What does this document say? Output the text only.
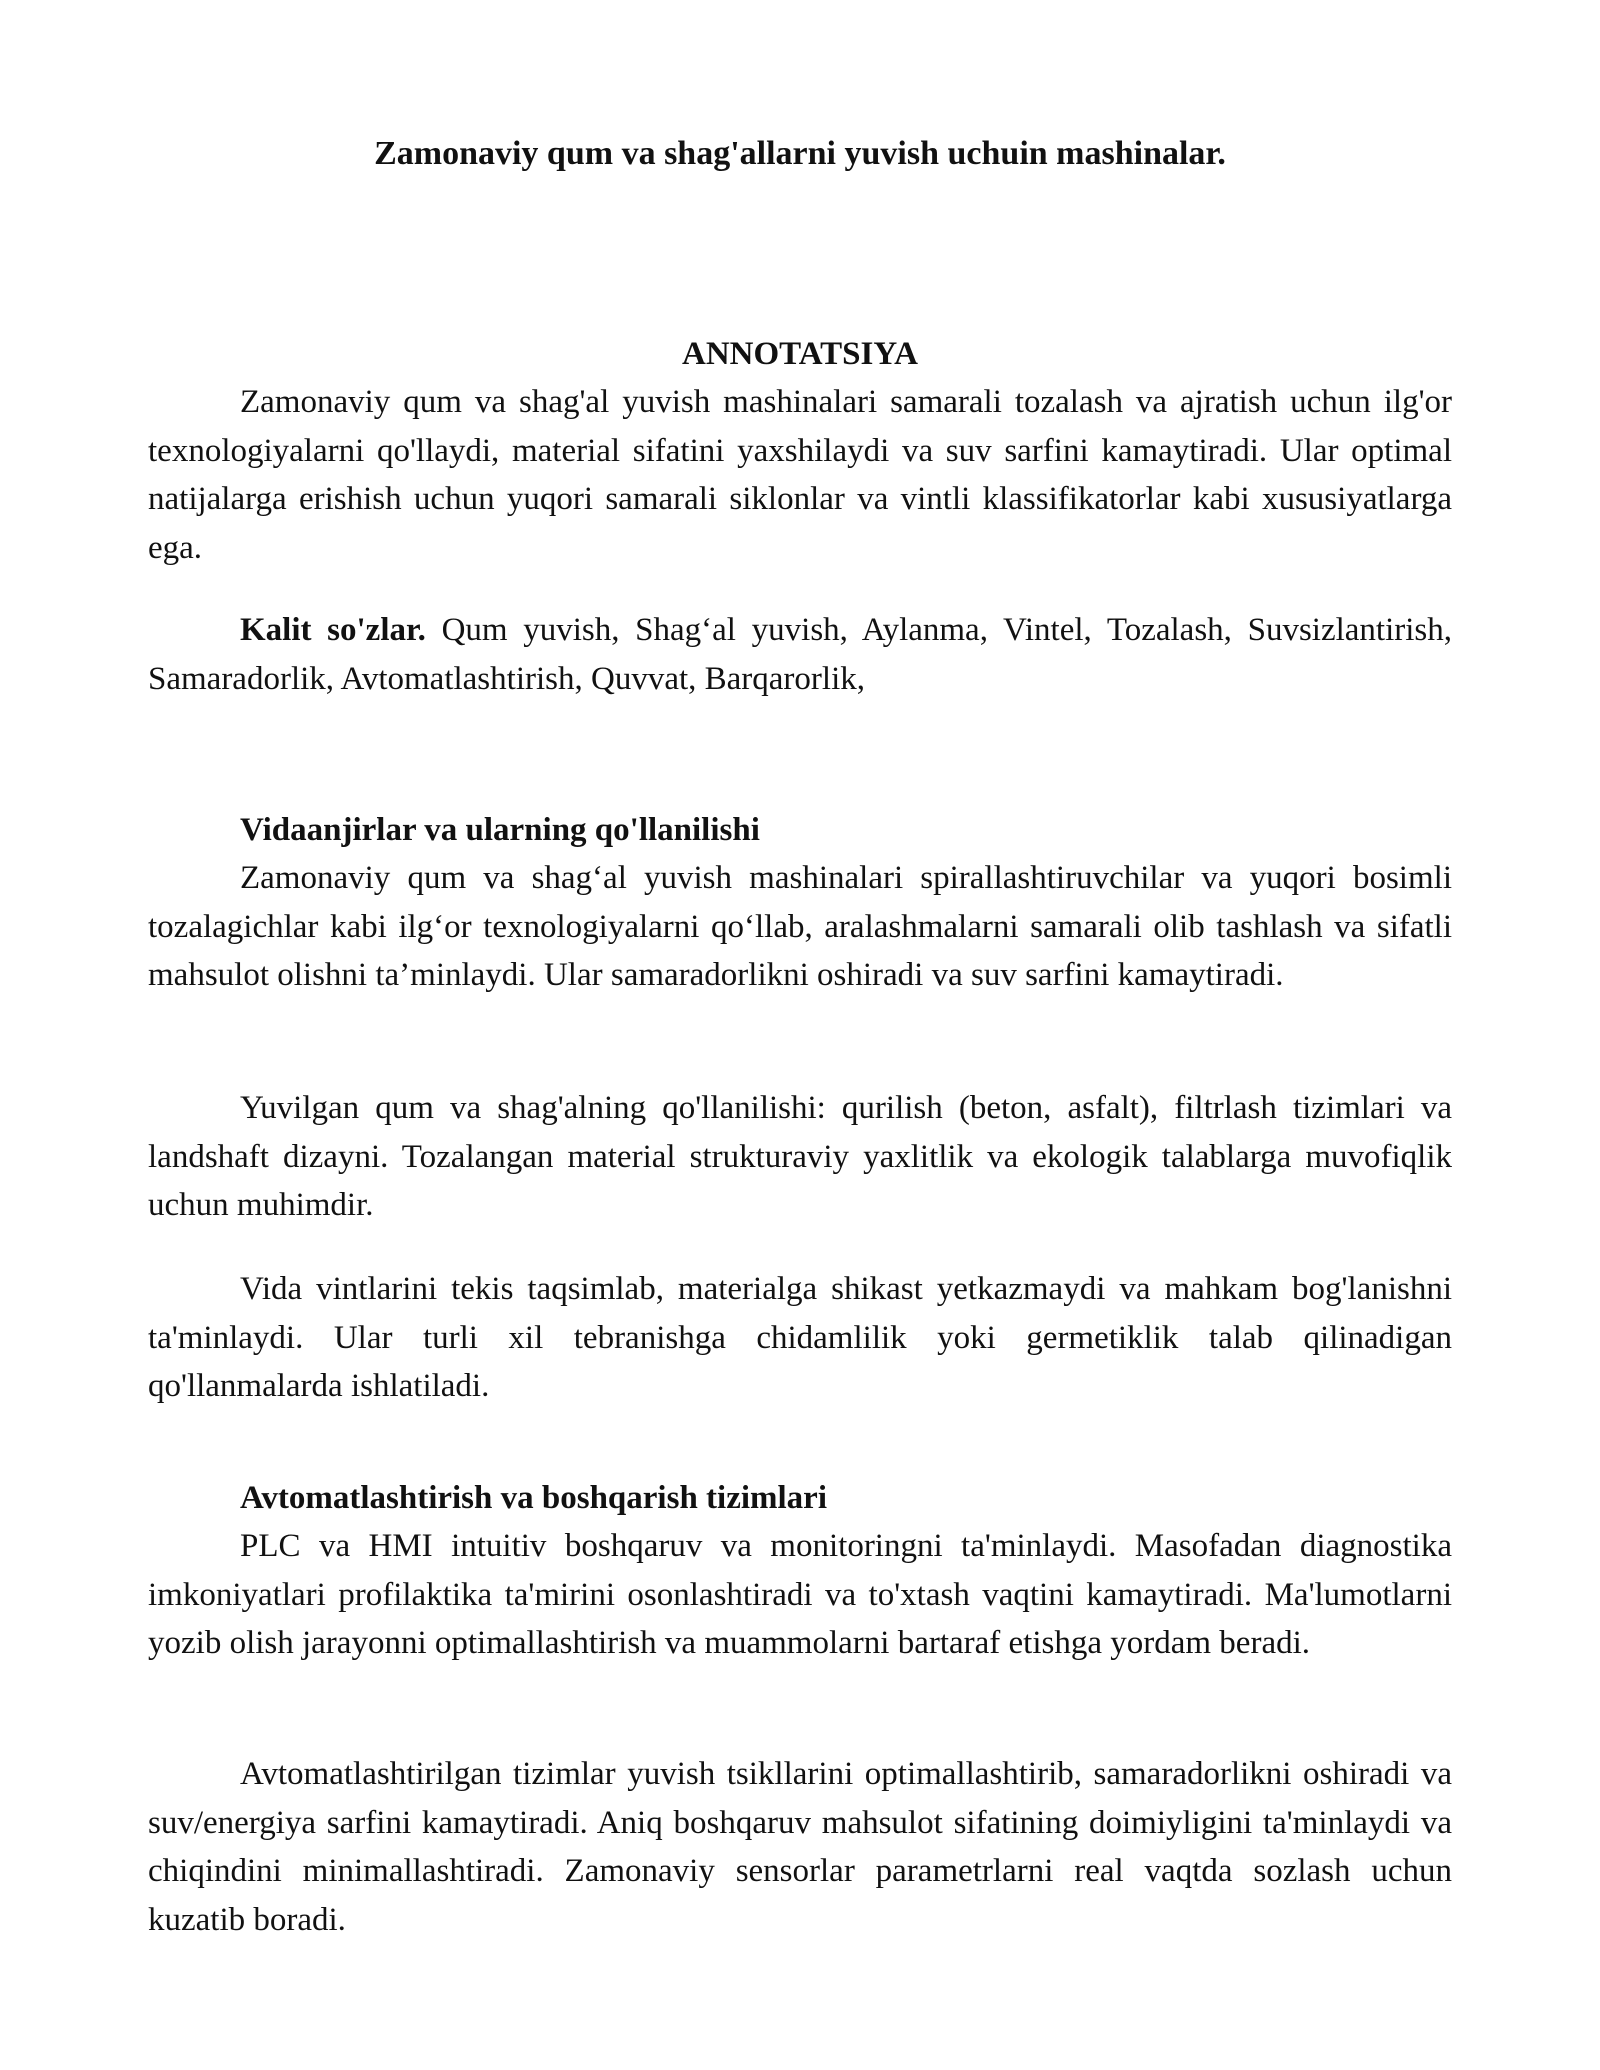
Zamonaviy qum va shag'allarni yuvish uchuin mashinalar.
ANNOTATSIYA

Zamonaviy qum va shag'al yuvish mashinalari samarali tozalash va ajratish uchun ilg'or texnologiyalarni qo'llaydi, material sifatini yaxshilaydi va suv sarfini kamaytiradi. Ular optimal natijalarga erishish uchun yuqori samarali siklonlar va vintli klassifikatorlar kabi xususiyatlarga ega.

Kalit so'zlar. Qum yuvish, Shag‘al yuvish, Aylanma, Vintel, Tozalash, Suvsizlantirish, Samaradorlik, Avtomatlashtirish, Quvvat, Barqarorlik,

Vidaanjirlar va ularning qo'llanilishi

Zamonaviy qum va shag‘al yuvish mashinalari spirallashtiruvchilar va yuqori bosimli tozalagichlar kabi ilg‘or texnologiyalarni qo‘llab, aralashmalarni samarali olib tashlash va sifatli mahsulot olishni ta’minlaydi. Ular samaradorlikni oshiradi va suv sarfini kamaytiradi.

Yuvilgan qum va shag'alning qo'llanilishi: qurilish (beton, asfalt), filtrlash tizimlari va landshaft dizayni. Tozalangan material strukturaviy yaxlitlik va ekologik talablarga muvofiqlik uchun muhimdir.

Vida vintlarini tekis taqsimlab, materialga shikast yetkazmaydi va mahkam bog'lanishni ta'minlaydi. Ular turli xil tebranishga chidamlilik yoki germetiklik talab qilinadigan qo'llanmalarda ishlatiladi.

Avtomatlashtirish va boshqarish tizimlari

PLC va HMI intuitiv boshqaruv va monitoringni ta'minlaydi. Masofadan diagnostika imkoniyatlari profilaktika ta'mirini osonlashtiradi va to'xtash vaqtini kamaytiradi. Ma'lumotlarni yozib olish jarayonni optimallashtirish va muammolarni bartaraf etishga yordam beradi.

Avtomatlashtirilgan tizimlar yuvish tsikllarini optimallashtirib, samaradorlikni oshiradi va suv/energiya sarfini kamaytiradi. Aniq boshqaruv mahsulot sifatining doimiyligini ta'minlaydi va chiqindini minimallashtiradi. Zamonaviy sensorlar parametrlarni real vaqtda sozlash uchun kuzatib boradi.
